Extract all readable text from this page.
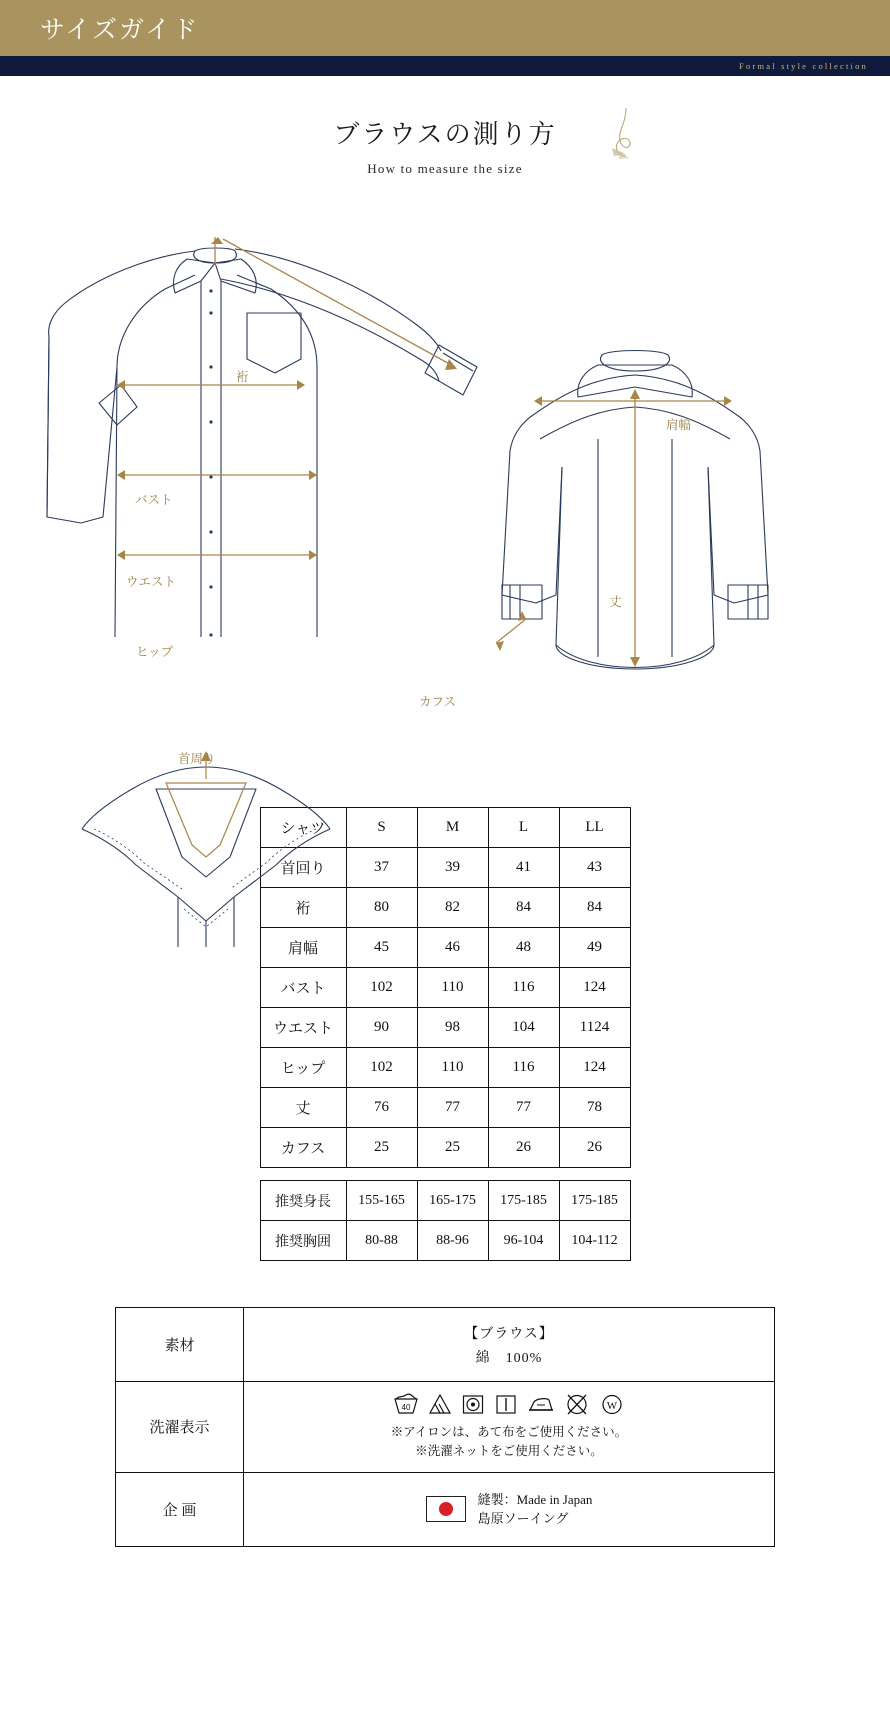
サイズガイド
Formal style collection
ブラウスの測り方
How to measure the size
裄
バスト
ウエスト
ヒップ
肩幅
丈
カフス
首周り
シャツ	S	M	L	LL
首回り	37	39	41	43
裄	80	82	84	84
肩幅	45	46	48	49
バスト	102	110	116	124
ウエスト	90	98	104	1124
ヒップ	102	110	116	124
丈	76	77	77	78
カフス	25	25	26	26
推奨身長	155-165	165-175	175-185	175-185
推奨胸囲	80-88	88-96	96-104	104-112
素材	【ブラウス】
綿　100%

洗濯表示	40 W
※アイロンは、あて布をご使用ください。
※洗濯ネットをご使用ください。

企 画	縫製：Made in Japan
島原ソーイング
